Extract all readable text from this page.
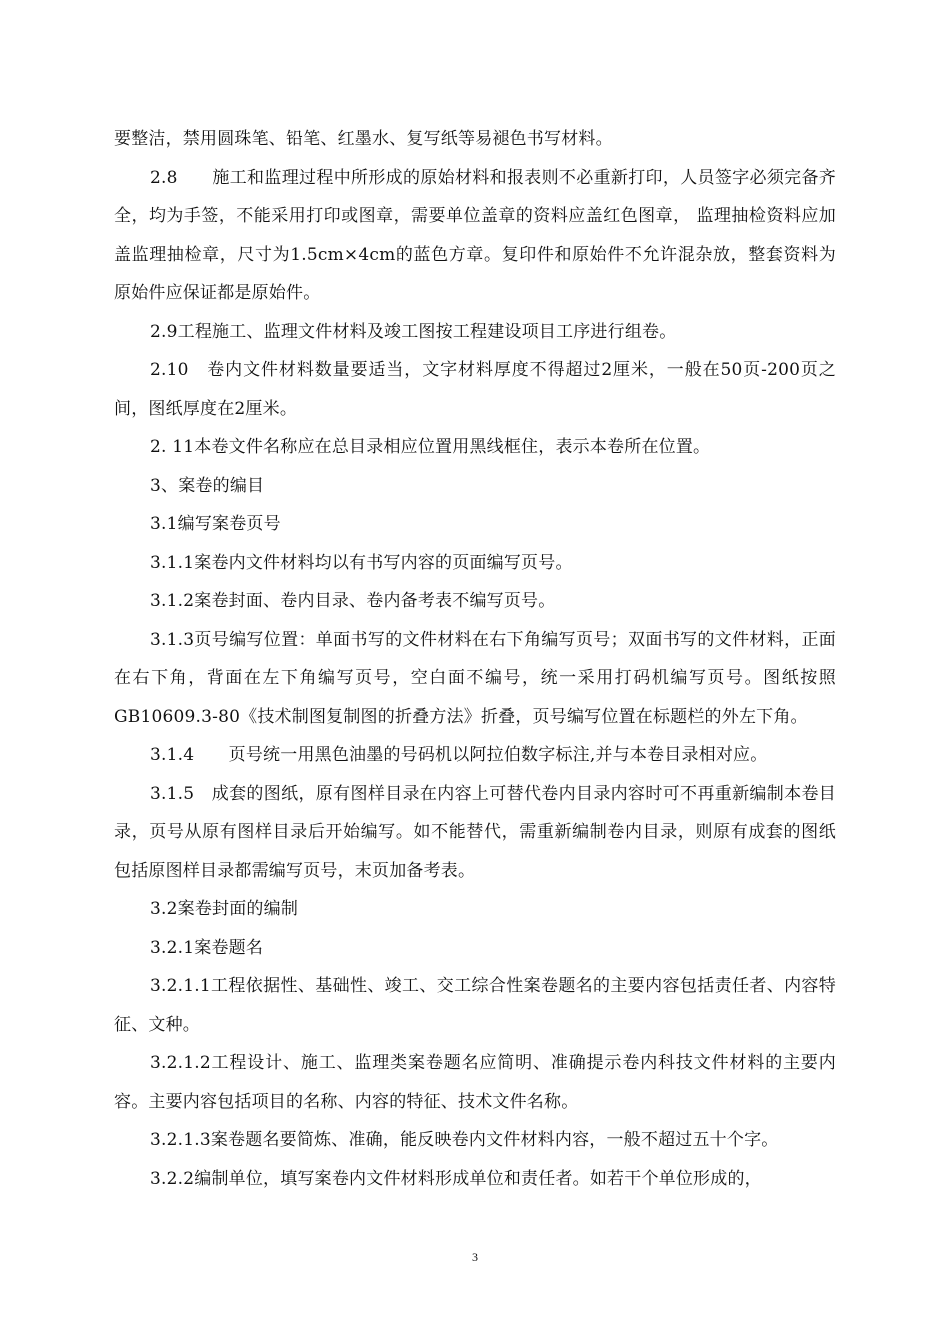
要整洁，禁用圆珠笔、铅笔、红墨水、复写纸等易褪色书写材料。

2.8　　施工和监理过程中所形成的原始材料和报表则不必重新打印，人员签字必须完备齐全，均为手签，不能采用打印或图章，需要单位盖章的资料应盖红色图章， 监理抽检资料应加盖监理抽检章，尺寸为1.5cm×4cm的蓝色方章。复印件和原始件不允许混杂放，整套资料为原始件应保证都是原始件。

2.9工程施工、监理文件材料及竣工图按工程建设项目工序进行组卷。

2.10　卷内文件材料数量要适当，文字材料厚度不得超过2厘米，一般在50页-200页之间，图纸厚度在2厘米。

2. 11本卷文件名称应在总目录相应位置用黑线框住，表示本卷所在位置。

3、案卷的编目

3.1编写案卷页号

3.1.1案卷内文件材料均以有书写内容的页面编写页号。

3.1.2案卷封面、卷内目录、卷内备考表不编写页号。

3.1.3页号编写位置：单面书写的文件材料在右下角编写页号；双面书写的文件材料，正面在右下角，背面在左下角编写页号，空白面不编号，统一采用打码机编写页号。图纸按照GB10609.3-80《技术制图复制图的折叠方法》折叠，页号编写位置在标题栏的外左下角。

3.1.4　　页号统一用黑色油墨的号码机以阿拉伯数字标注,并与本卷目录相对应。

3.1.5　成套的图纸，原有图样目录在内容上可替代卷内目录内容时可不再重新编制本卷目录，页号从原有图样目录后开始编写。如不能替代，需重新编制卷内目录，则原有成套的图纸包括原图样目录都需编写页号，末页加备考表。

3.2案卷封面的编制

3.2.1案卷题名

3.2.1.1工程依据性、基础性、竣工、交工综合性案卷题名的主要内容包括责任者、内容特征、文种。

3.2.1.2工程设计、施工、监理类案卷题名应简明、准确提示卷内科技文件材料的主要内容。主要内容包括项目的名称、内容的特征、技术文件名称。

3.2.1.3案卷题名要简炼、准确，能反映卷内文件材料内容，一般不超过五十个字。

3.2.2编制单位，填写案卷内文件材料形成单位和责任者。如若干个单位形成的，

3
